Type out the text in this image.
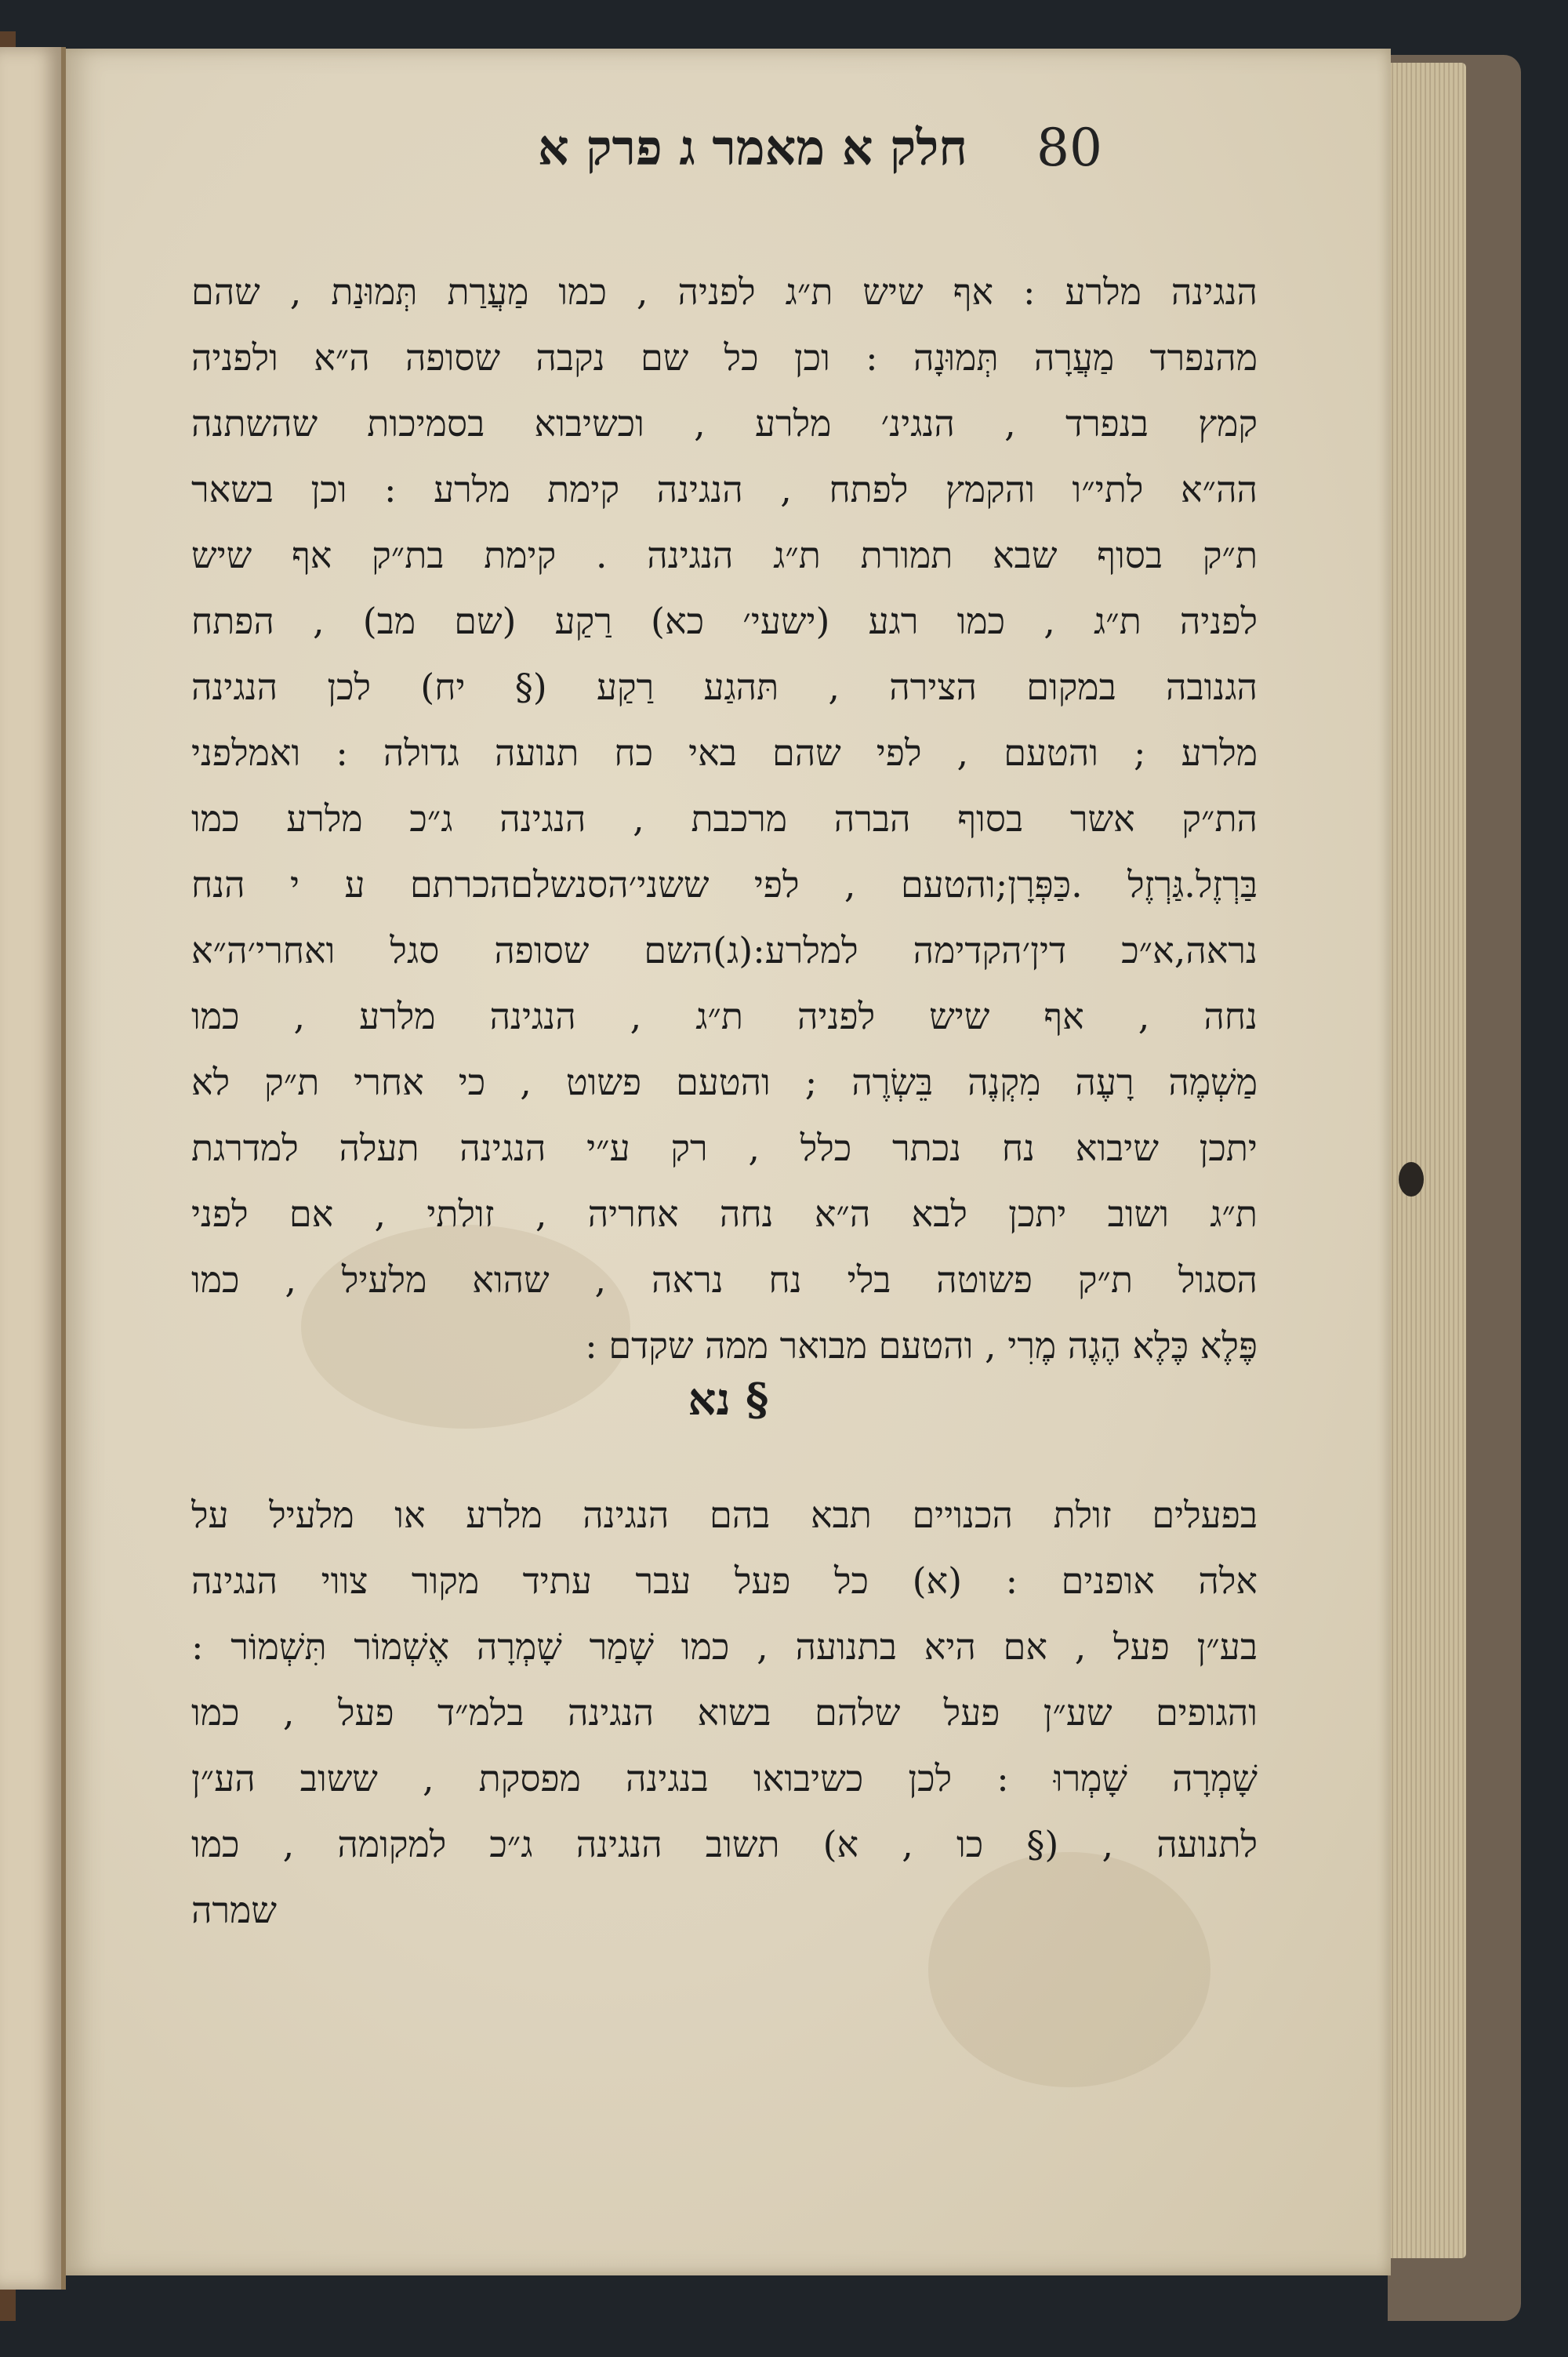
80
חלק א מאמר ג פרק א
הנגינה מלרע : אף שיש ת״ג לפניה , כמו מַעֲרַת תְּמוּנַת , שהם
מהנפרד מַעֲרָה תְּמוּנָה : וכן כל שם נקבה שסופה ה״א ולפניה
קמץ בנפרד , הנגינ׳ מלרע , וכשיבוא בסמיכות שהשתנה
הה״א לתי״ו והקמץ לפתח , הנגינה קימת מלרע : וכן בשאר
ת״ק בסוף שבא תמורת ת״ג הנגינה . קימת בת״ק אף שיש
לפניה ת״ג , כמו רגע (ישעי׳ כא) רַקַע (שם מב) , הפתח
הגנובה במקום הצירה , תּהגַע רַקַע (§ יח) לכן הנגינה
מלרע ; והטעם , לפי שהם באי כח תנועה גדולה : ואמלפני
הת״ק אשר בסוף הברה מרכבת , הנגינה ג״כ מלרע כמו
בַּרְזֶל.גַּרְזֶל .כַּפְּרָן;והטעם , לפי ששני׳הסנשלםהכרתם ע י הנח
נראה,א״כ דין׳הקדימה למלרע:(ג)השם שסופה סגל ואחרי׳ה״א
נחה , אף שיש לפניה ת״ג , הנגינה מלרע , כמו
מַשְׁמֶה רָעֶה מִקְנֶה בֵּשְׂרֶה ; והטעם פשוט , כי אחרי ת״ק לא
יתכן שיבוא נח נכתר כלל , רק ע״י הנגינה תעלה למדרגת
ת״ג ושוב יתכן לבא ה״א נחה אחריה , זולתי , אם לפני
הסגול ת״ק פשוטה בלי נח נראה , שהוא מלעיל , כמו
פֶּלֶא כֶּלֶא הֶגֶה מֶרִי , והטעם מבואר ממה שקדם :
§ נא
בפעלים זולת הכנויים תבא בהם הנגינה מלרע או מלעיל על
אלה אופנים : (א) כל פעל עבר עתיד מקור צווי הנגינה
בע״ן פעל , אם היא בתנועה , כמו שָׁמַר שָׁמְרָה אֶשְׁמוֹר תִּשְׁמוֹר :
והגופים שע״ן פעל שלהם בשוא הנגינה בלמ״ד פעל , כמו
שָׁמְרָה שָׁמְרוּ : לכן כשיבואו בנגינה מפסקת , ששוב הע״ן
לתנועה , (§ כו , א) תשוב הנגינה ג״כ למקומה , כמו
שמרה
